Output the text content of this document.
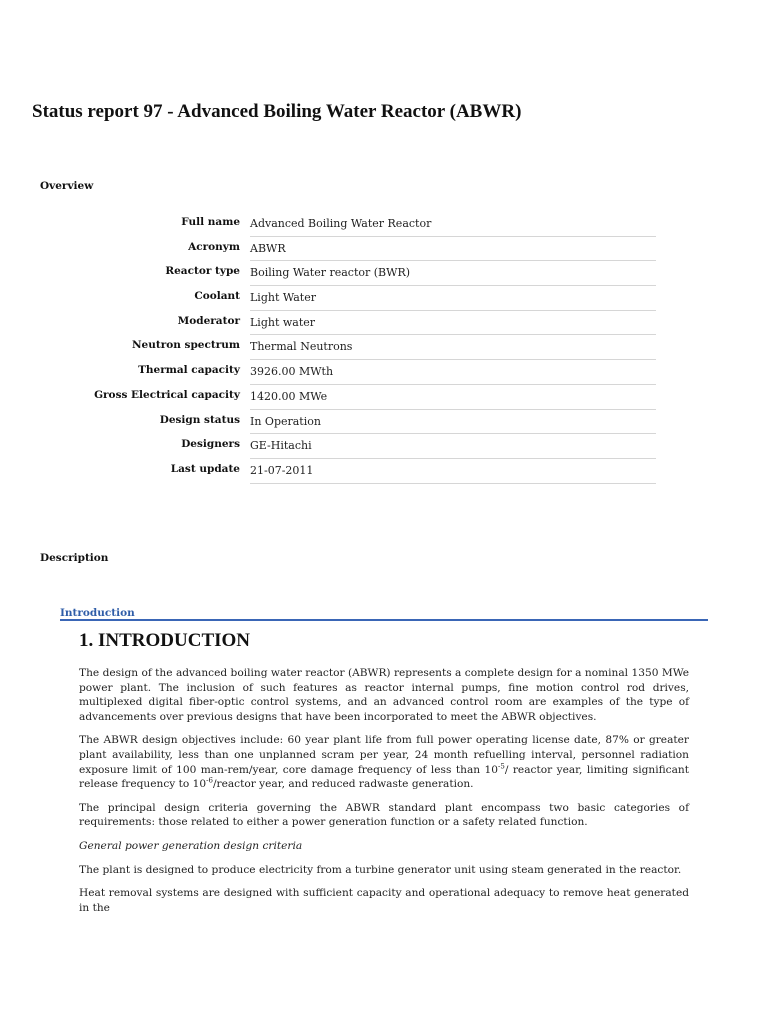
Status report 97 - Advanced Boiling Water Reactor (ABWR)
Overview
Full name Advanced Boiling Water Reactor
Acronym ABWR
Reactor type Boiling Water reactor (BWR)
Coolant Light Water
Moderator Light water
Neutron spectrum Thermal Neutrons
Thermal capacity 3926.00 MWth
Gross Electrical capacity 1420.00 MWe
Design status In Operation
Designers GE-Hitachi
Last update 21-07-2011
Description
Introduction
1. INTRODUCTION

The design of the advanced boiling water reactor (ABWR) represents a complete design for a nominal 1350 MWe power plant. The inclusion of such features as reactor internal pumps, fine motion control rod drives, multiplexed digital fiber-optic control systems, and an advanced control room are examples of the type of advancements over previous designs that have been incorporated to meet the ABWR objectives.

The ABWR design objectives include: 60 year plant life from full power operating license date, 87% or greater plant availability, less than one unplanned scram per year, 24 month refuelling interval, personnel radiation exposure limit of 100 man-rem/year, core damage frequency of less than $10^{-5}/$ reactor year, limiting significant release frequency to $10^{-6}$/reactor year, and reduced radwaste generation.

The principal design criteria governing the ABWR standard plant encompass two basic categories of requirements: those related to either a power generation function or a safety related function.

General power generation design criteria

The plant is designed to produce electricity from a turbine generator unit using steam generated in the reactor.

Heat removal systems are designed with sufficient capacity and operational adequacy to remove heat generated in the
